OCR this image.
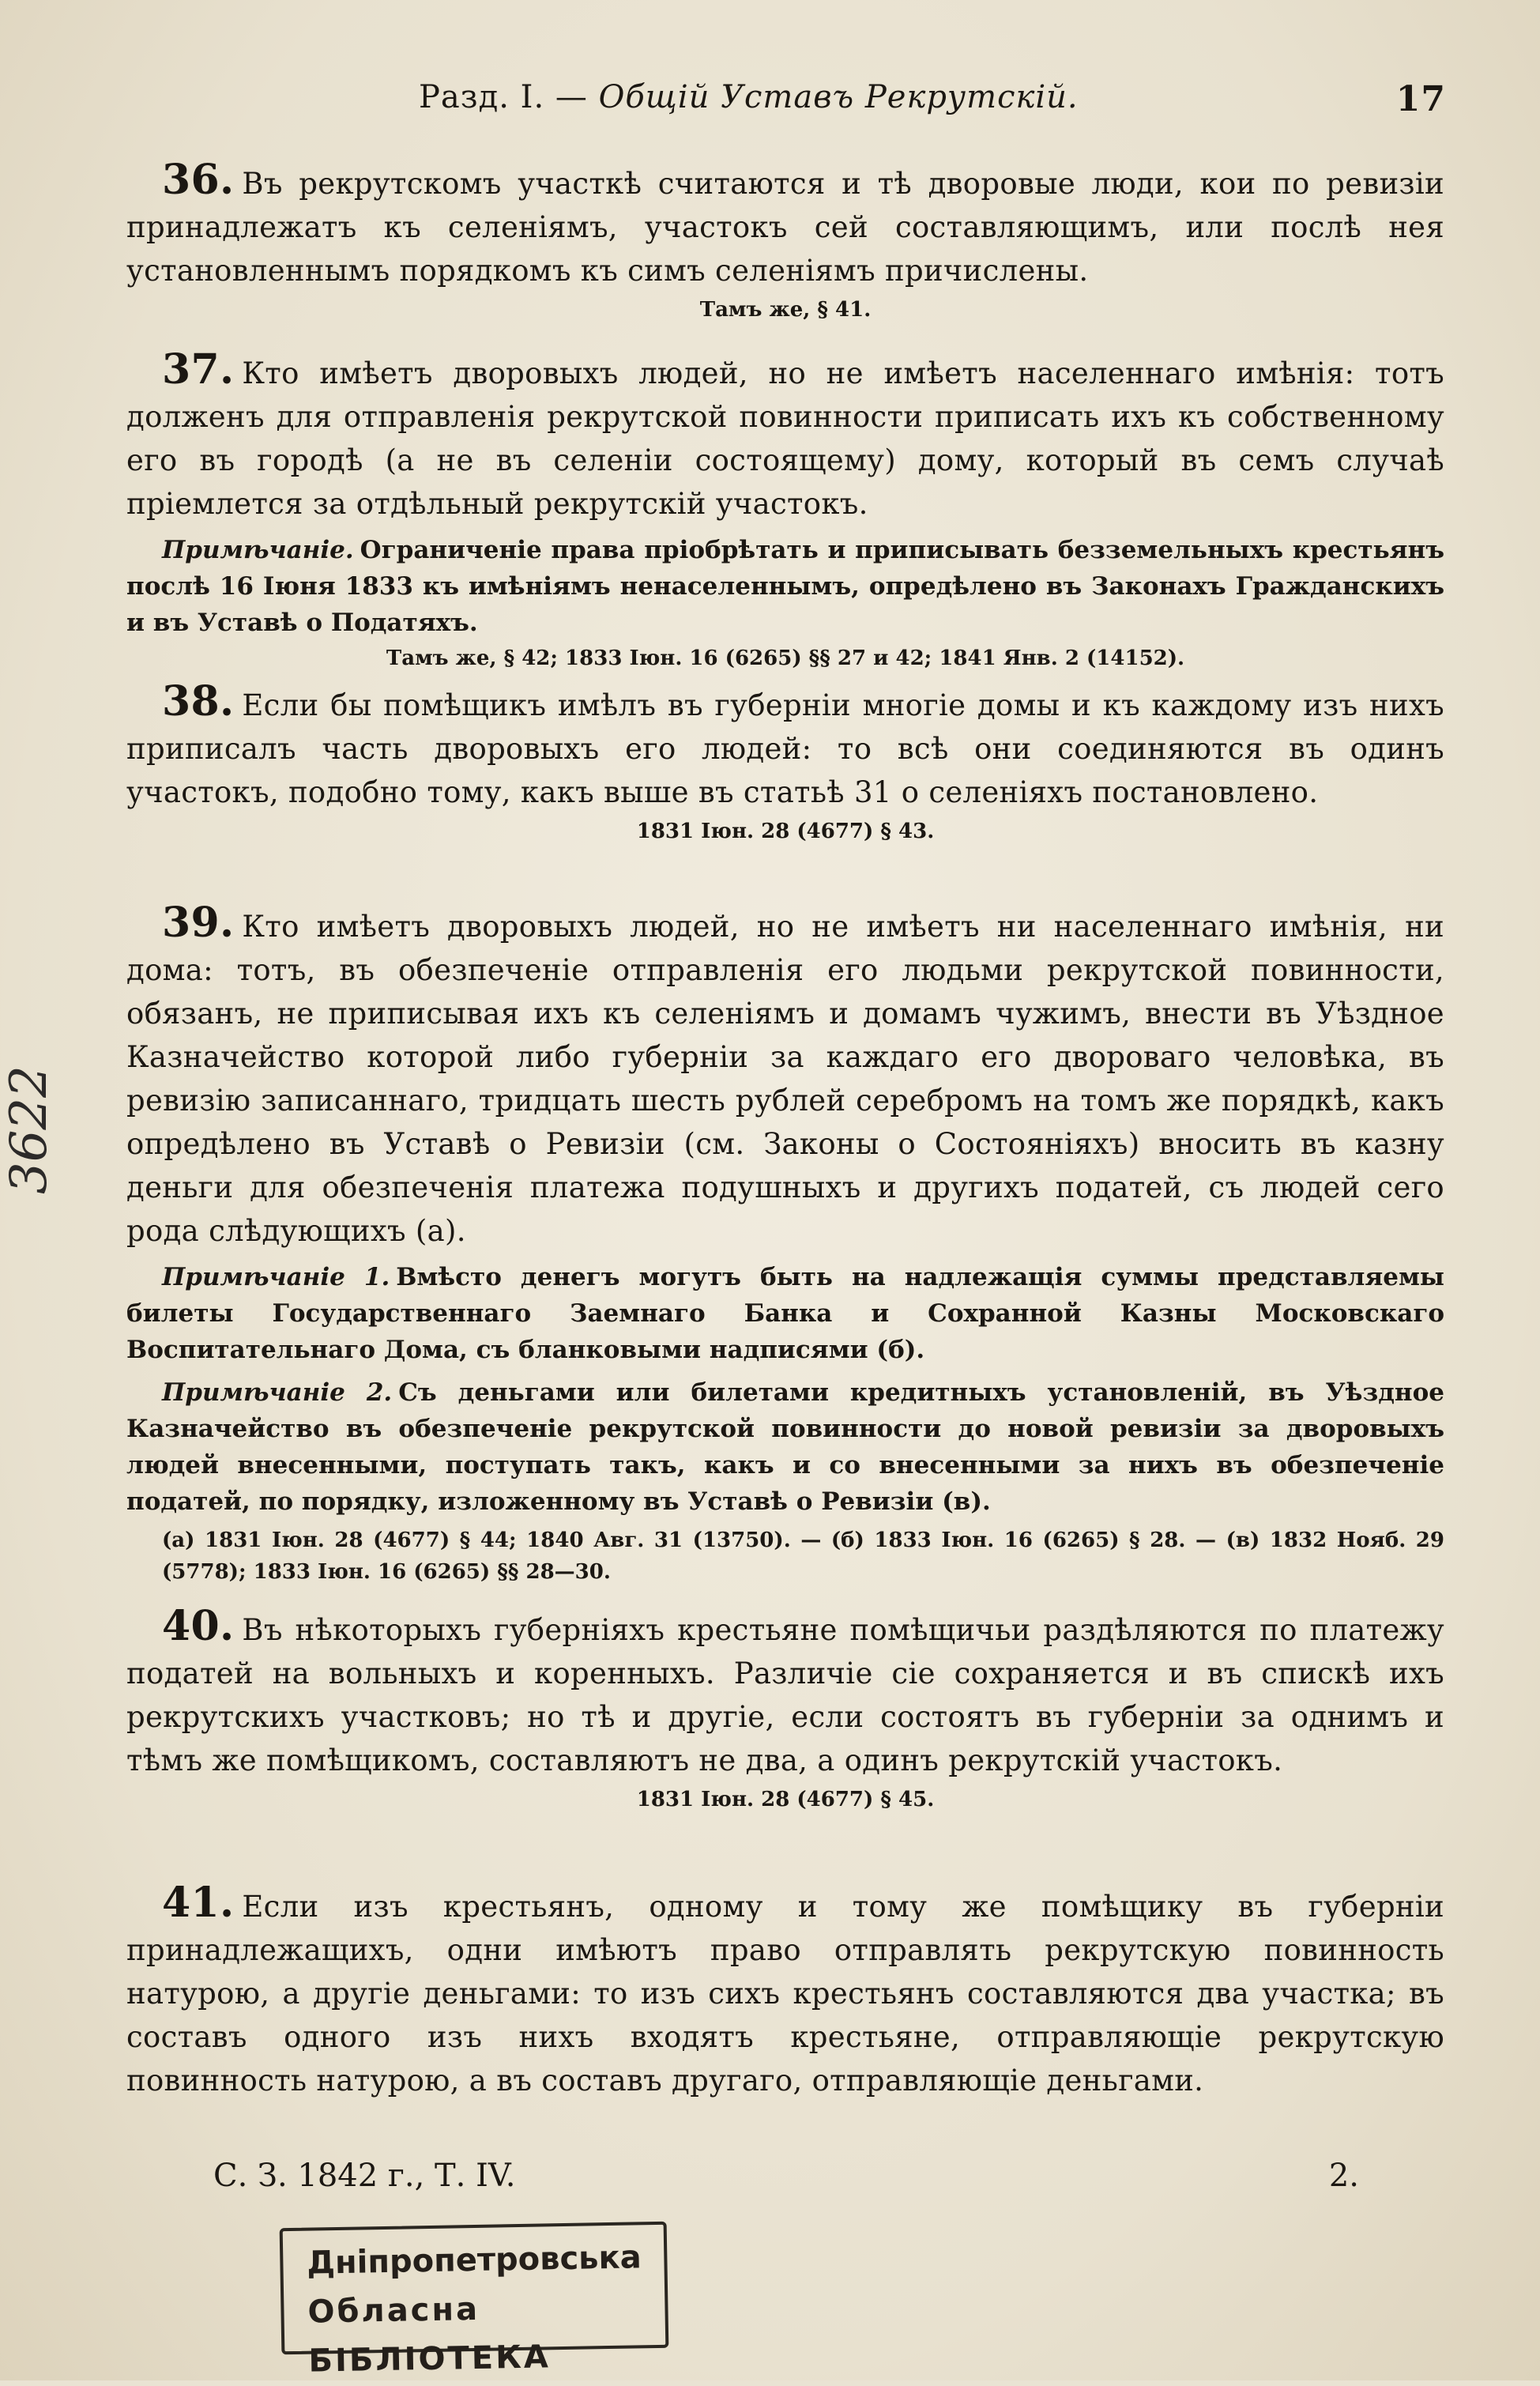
Разд. I. — Общій Уставъ Рекрутскій.	17
3622

36. Въ рекрутскомъ участкѣ считаются и тѣ дворовые люди, кои по ревизіи принадлежатъ къ селеніямъ, участокъ сей составляющимъ, или послѣ нея установленнымъ порядкомъ къ симъ селеніямъ причислены.

Тамъ же, § 41.

37. Кто имѣетъ дворовыхъ людей, но не имѣетъ населеннаго имѣнія: тотъ долженъ для отправленія рекрутской повинности приписать ихъ къ собственному его въ городѣ (а не въ селеніи состоящему) дому, который въ семъ случаѣ пріемлется за отдѣльный рекрутскій участокъ.

Примѣчаніе. Ограниченіе права пріобрѣтать и приписывать безземельныхъ крестьянъ послѣ 16 Іюня 1833 къ имѣніямъ ненаселеннымъ, опредѣлено въ Законахъ Гражданскихъ и въ Уставѣ о Податяхъ.

Тамъ же, § 42; 1833 Іюн. 16 (6265) §§ 27 и 42; 1841 Янв. 2 (14152).

38. Если бы помѣщикъ имѣлъ въ губерніи многіе домы и къ каждому изъ нихъ приписалъ часть дворовыхъ его людей: то всѣ они соединяются въ одинъ участокъ, подобно тому, какъ выше въ статьѣ 31 о селеніяхъ постановлено.

1831 Іюн. 28 (4677) § 43.

39. Кто имѣетъ дворовыхъ людей, но не имѣетъ ни населеннаго имѣнія, ни дома: тотъ, въ обезпеченіе отправленія его людьми рекрутской повинности, обязанъ, не приписывая ихъ къ селеніямъ и домамъ чужимъ, внести въ Уѣздное Казначейство которой либо губерніи за каждаго его дворовaго человѣка, въ ревизію записаннаго, тридцать шесть рублей серебромъ на томъ же порядкѣ, какъ опредѣлено въ Уставѣ о Ревизіи (см. Законы о Состояніяхъ) вносить въ казну деньги для обезпеченія платежа подушныхъ и другихъ податей, съ людей сего рода слѣдующихъ (а).

Примѣчаніе 1. Вмѣсто денегъ могутъ быть на надлежащія суммы представляемы билеты Государственнаго Заемнаго Банка и Сохранной Казны Московскаго Воспитательнаго Дома, съ бланковыми надписями (б).

Примѣчаніе 2. Съ деньгами или билетами кредитныхъ установленій, въ Уѣздное Казначейство въ обезпеченіе рекрутской повинности до новой ревизіи за дворовыхъ людей внесенными, поступать такъ, какъ и со внесенными за нихъ въ обезпеченіе податей, по порядку, изложенному въ Уставѣ о Ревизіи (в).

(а) 1831 Іюн. 28 (4677) § 44; 1840 Авг. 31 (13750). — (б) 1833 Іюн. 16 (6265) § 28. — (в) 1832 Нояб. 29 (5778); 1833 Іюн. 16 (6265) §§ 28—30.

40. Въ нѣкоторыхъ губерніяхъ крестьяне помѣщичьи раздѣляются по платежу податей на вольныхъ и коренныхъ. Различіе сіе сохраняется и въ спискѣ ихъ рекрутскихъ участковъ; но тѣ и другіе, если состоятъ въ губерніи за однимъ и тѣмъ же помѣщикомъ, составляютъ не два, а одинъ рекрутскій участокъ.

1831 Іюн. 28 (4677) § 45.

41. Если изъ крестьянъ, одному и тому же помѣщику въ губерніи принадлежащихъ, одни имѣютъ право отправлять рекрутскую повинность натурою, а другіе деньгами: то изъ сихъ крестьянъ составляются два участка; въ составъ одного изъ нихъ входятъ крестьяне, отправляющіе рекрутскую повинность натурою, а въ составъ другаго, отправляющіе деньгами.

С. З. 1842 г., Т. IV.	2.
Дніпропетровська
Обласна БІБЛІОТЕКА
